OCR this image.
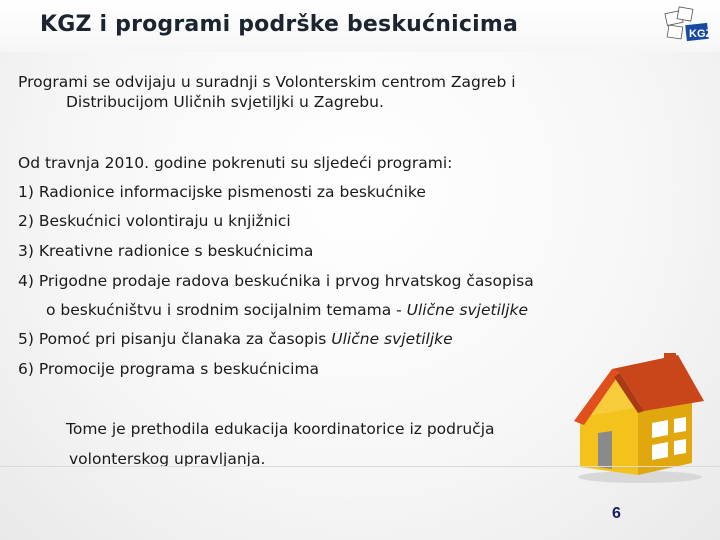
KGZ i programi podrške beskućnicima	KGZ
Programi se odvijaju u suradnji s Volonterskim centrom Zagreb i
Distribucijom Uličnih svjetiljki u Zagrebu.
Od travnja 2010. godine pokrenuti su sljedeći programi:
1) Radionice informacijske pismenosti za beskućnike
2) Beskućnici volontiraju u knjižnici
3) Kreativne radionice s beskućnicima
4) Prigodne prodaje radova beskućnika i prvog hrvatskog časopisa
o beskućništvu i srodnim socijalnim temama - Ulične svjetiljke
5) Pomoć pri pisanju članaka za časopis Ulične svjetiljke
6) Promocije programa s beskućnicima
Tome je prethodila edukacija koordinatorice iz područja
volonterskog upravljanja.
6
